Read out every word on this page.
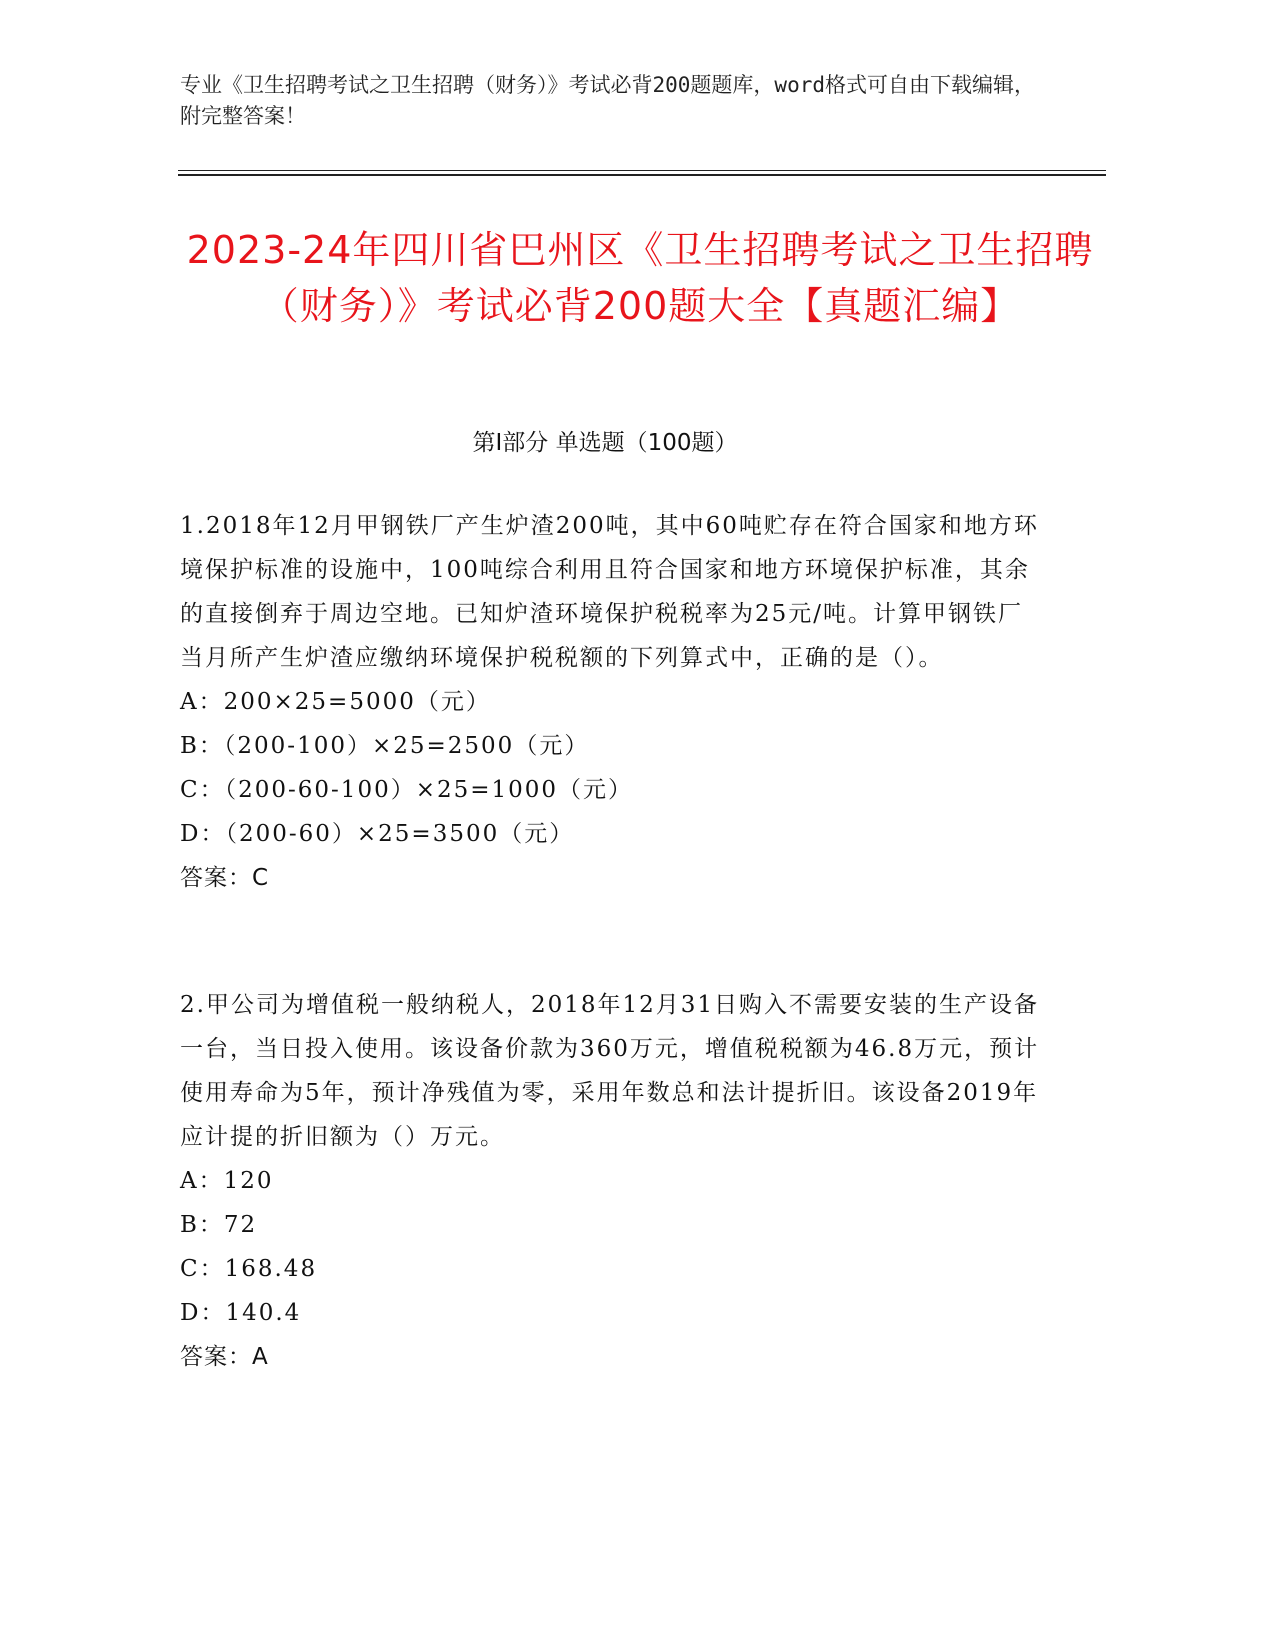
专业《卫生招聘考试之卫生招聘（财务）》考试必背200题题库，word格式可自由下载编辑，附完整答案！
2023-24年四川省巴州区《卫生招聘考试之卫生招聘（财务）》考试必背200题大全【真题汇编】
第I部分 单选题（100题）

1.2018年12月甲钢铁厂产生炉渣200吨，其中60吨贮存在符合国家和地方环境保护标准的设施中，100吨综合利用且符合国家和地方环境保护标准，其余的直接倒弃于周边空地。已知炉渣环境保护税税率为25元/吨。计算甲钢铁厂当月所产生炉渣应缴纳环境保护税税额的下列算式中，正确的是（）。

A：200×25=5000（元）

B：（200-100）×25=2500（元）

C：（200-60-100）×25=1000（元）

D：（200-60）×25=3500（元）

答案：C

2.甲公司为增值税一般纳税人，2018年12月31日购入不需要安装的生产设备一台，当日投入使用。该设备价款为360万元，增值税税额为46.8万元，预计使用寿命为5年，预计净残值为零，采用年数总和法计提折旧。该设备2019年应计提的折旧额为（）万元。

A：120

B：72

C：168.48

D：140.4

答案：A
